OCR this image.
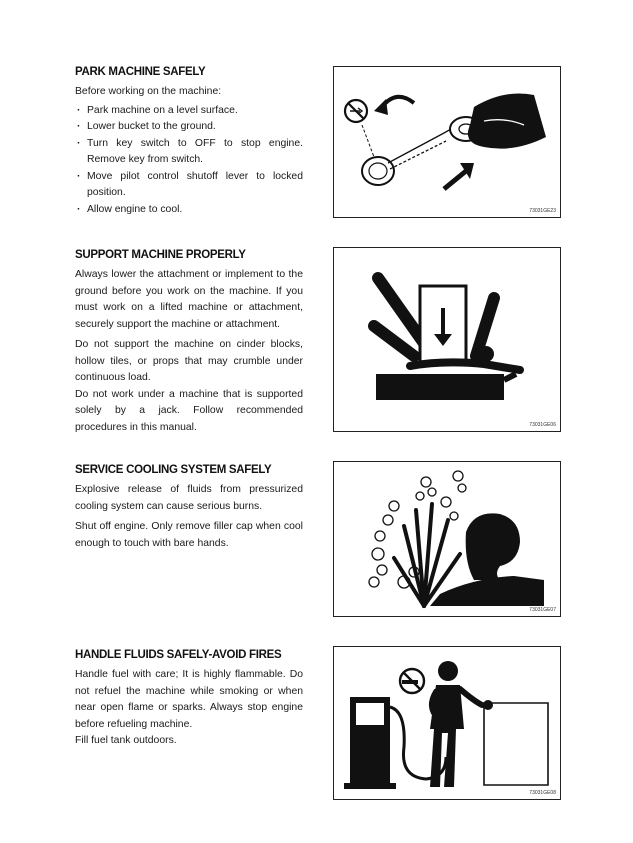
PARK MACHINE SAFELY

Before working on the machine:

· Park machine on a level surface.
· Lower bucket to the ground.
· Turn key switch to OFF to stop engine. Remove key from switch.
· Move pilot control shutoff lever to locked position.
· Allow engine to cool.	73031GE23
SUPPORT MACHINE PROPERLY

Always lower the attachment or implement to the ground before you work on the machine. If you must work on a lifted machine or attachment, securely support the machine or attachment.

Do not support the machine on cinder blocks, hollow tiles, or props that may crumble under continuous load.

Do not work under a machine that is supported solely by a jack. Follow recommended procedures in this manual.	73031GE06
SERVICE COOLING SYSTEM SAFELY

Explosive release of fluids from pressurized cooling system can cause serious burns.

Shut off engine. Only remove filler cap when cool enough to touch with bare hands.

73031GE07
HANDLE FLUIDS SAFELY-AVOID FIRES

Handle fuel with care; It is highly flammable. Do not refuel the machine while smoking or when near open flame or sparks. Always stop engine before refueling machine.

Fill fuel tank outdoors.

73031GE08
